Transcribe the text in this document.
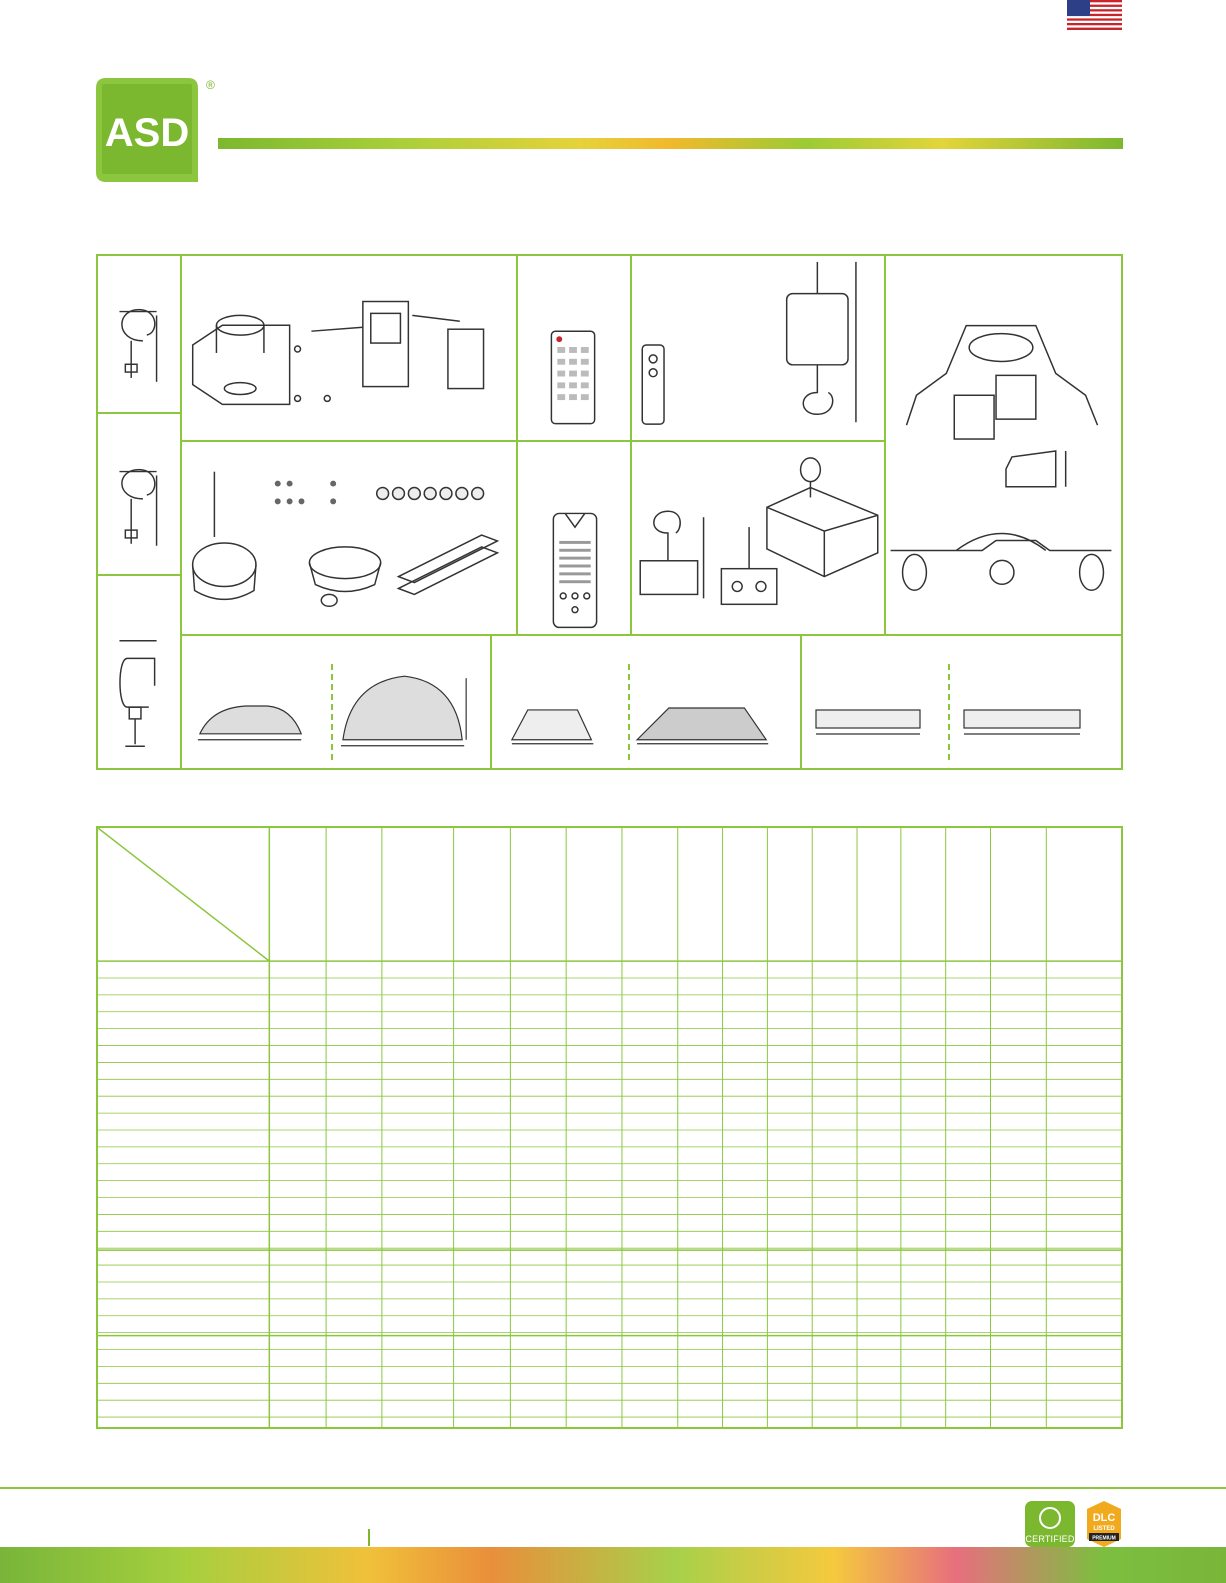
ASD
®
CERTIFIED
DLC
LISTED
PREMIUM
